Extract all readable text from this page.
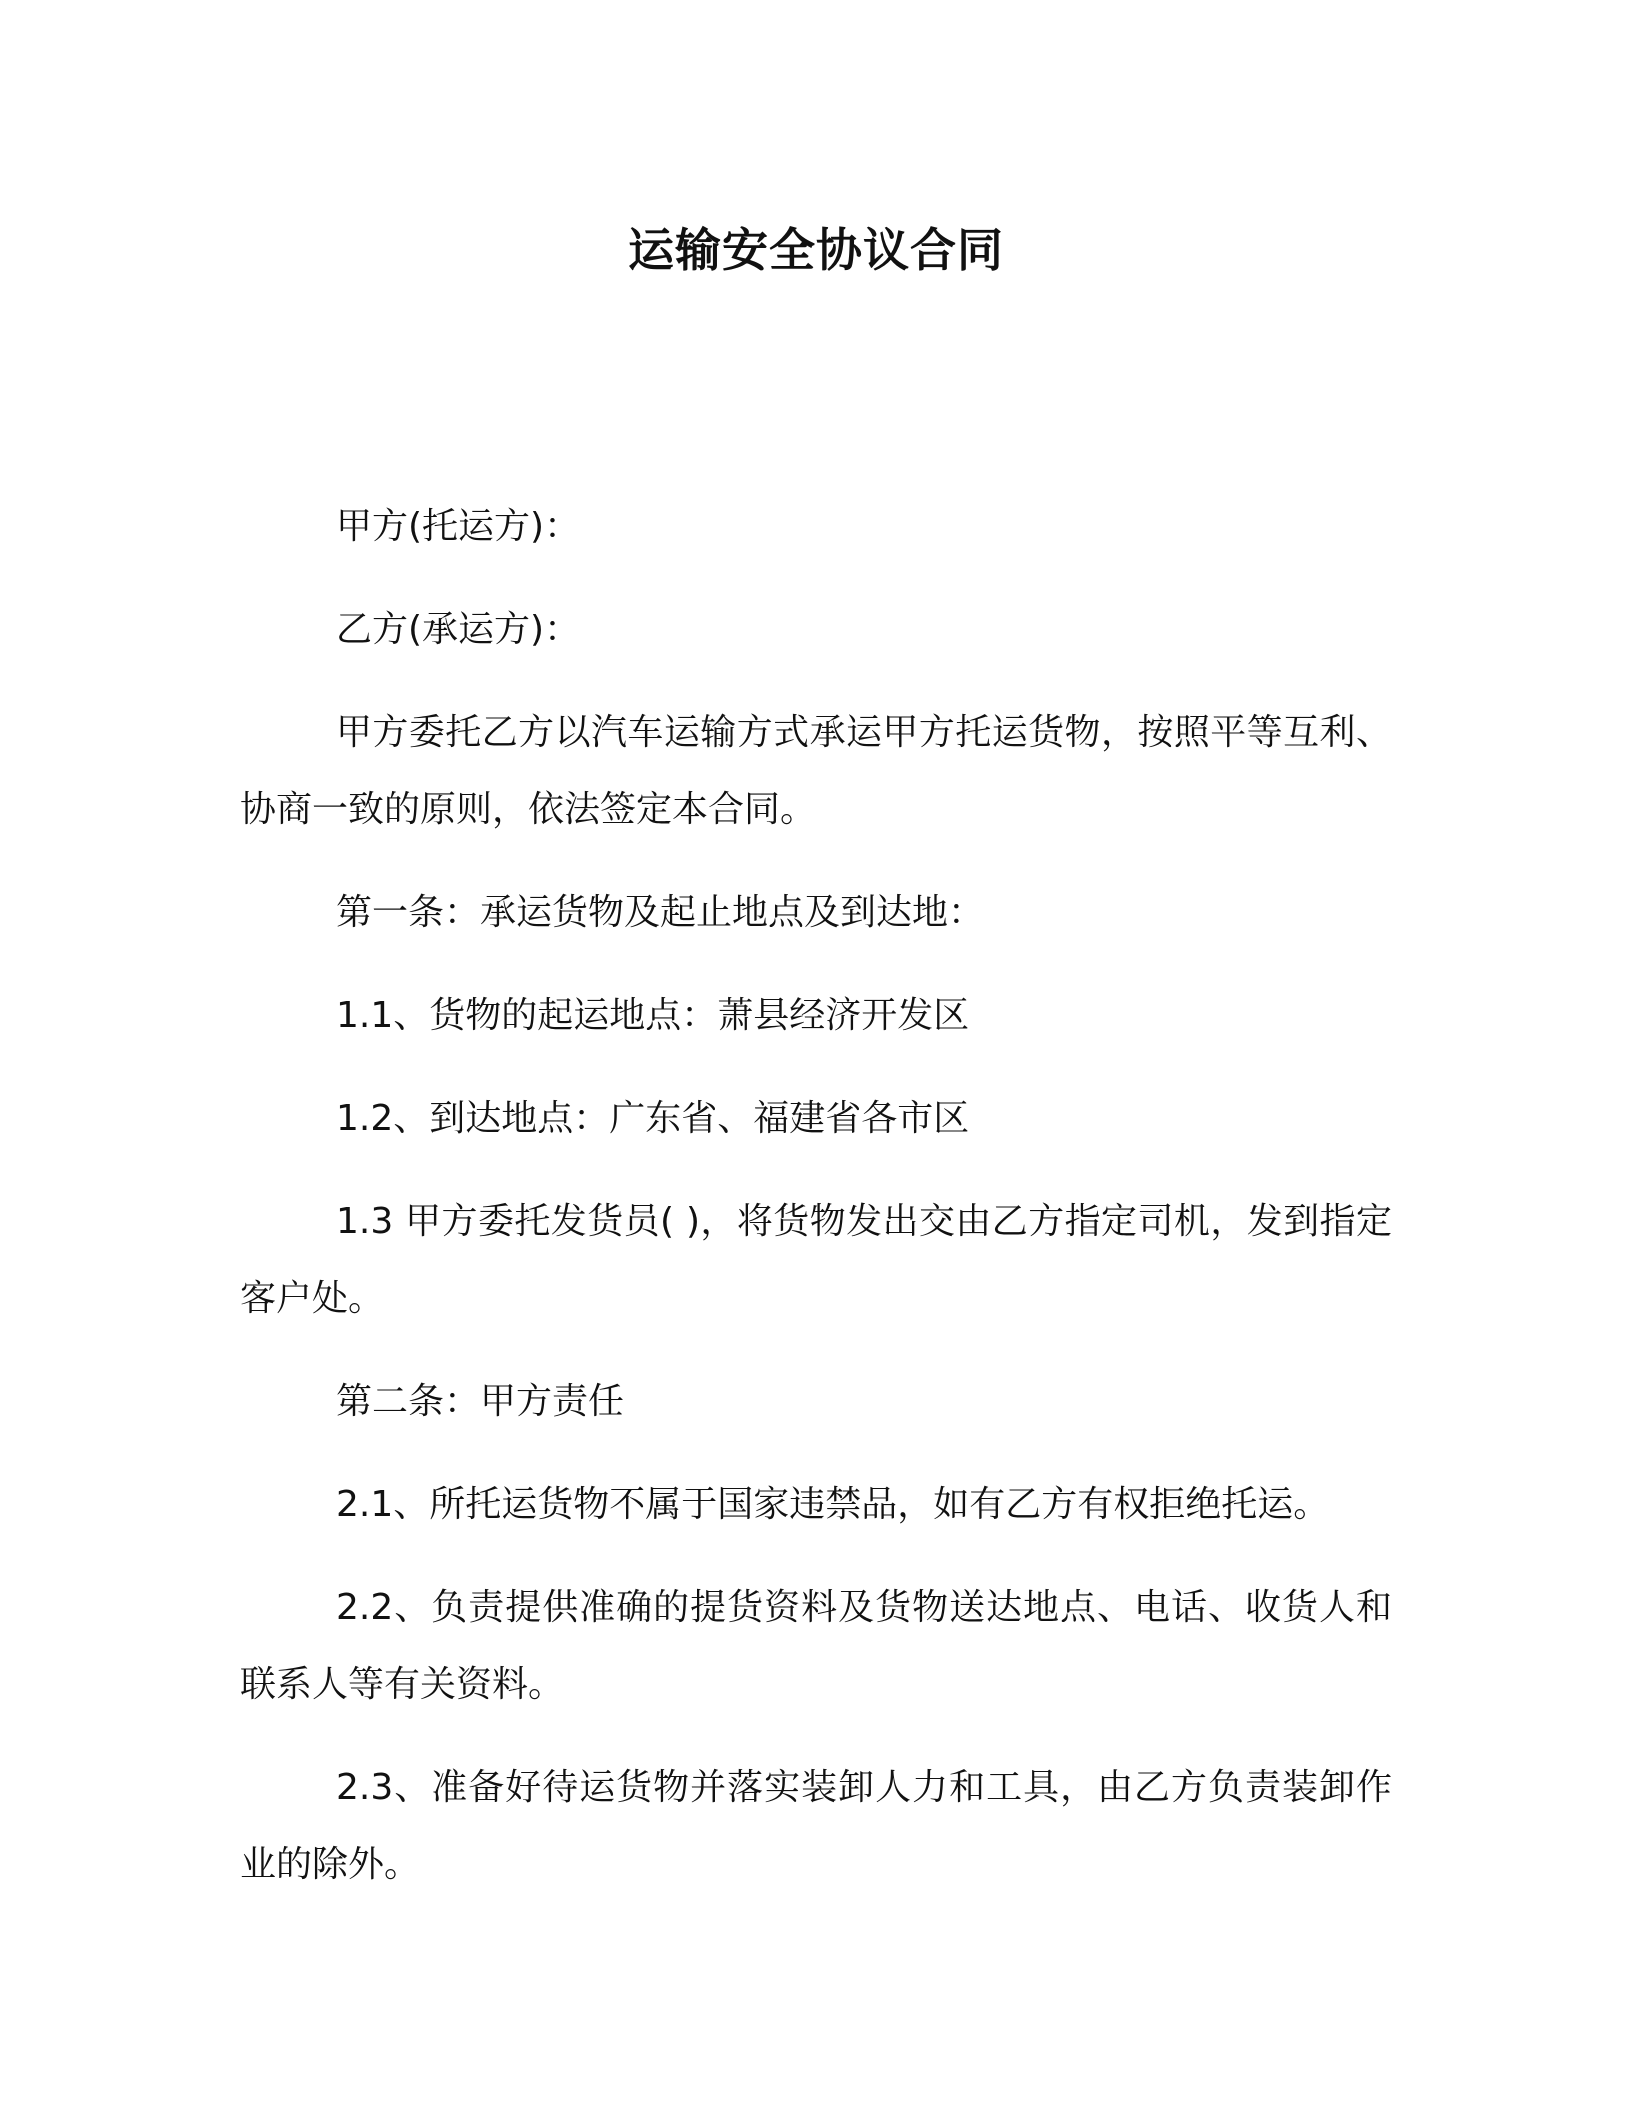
运输安全协议合同

甲方(托运方)：

乙方(承运方)：

甲方委托乙方以汽车运输方式承运甲方托运货物，按照平等互利、协商一致的原则，依法签定本合同。

第一条：承运货物及起止地点及到达地：

1.1、货物的起运地点：萧县经济开发区

1.2、到达地点：广东省、福建省各市区

1.3 甲方委托发货员( )，将货物发出交由乙方指定司机，发到指定客户处。

第二条：甲方责任

2.1、所托运货物不属于国家违禁品，如有乙方有权拒绝托运。

2.2、负责提供准确的提货资料及货物送达地点、电话、收货人和联系人等有关资料。

2.3、准备好待运货物并落实装卸人力和工具，由乙方负责装卸作业的除外。
